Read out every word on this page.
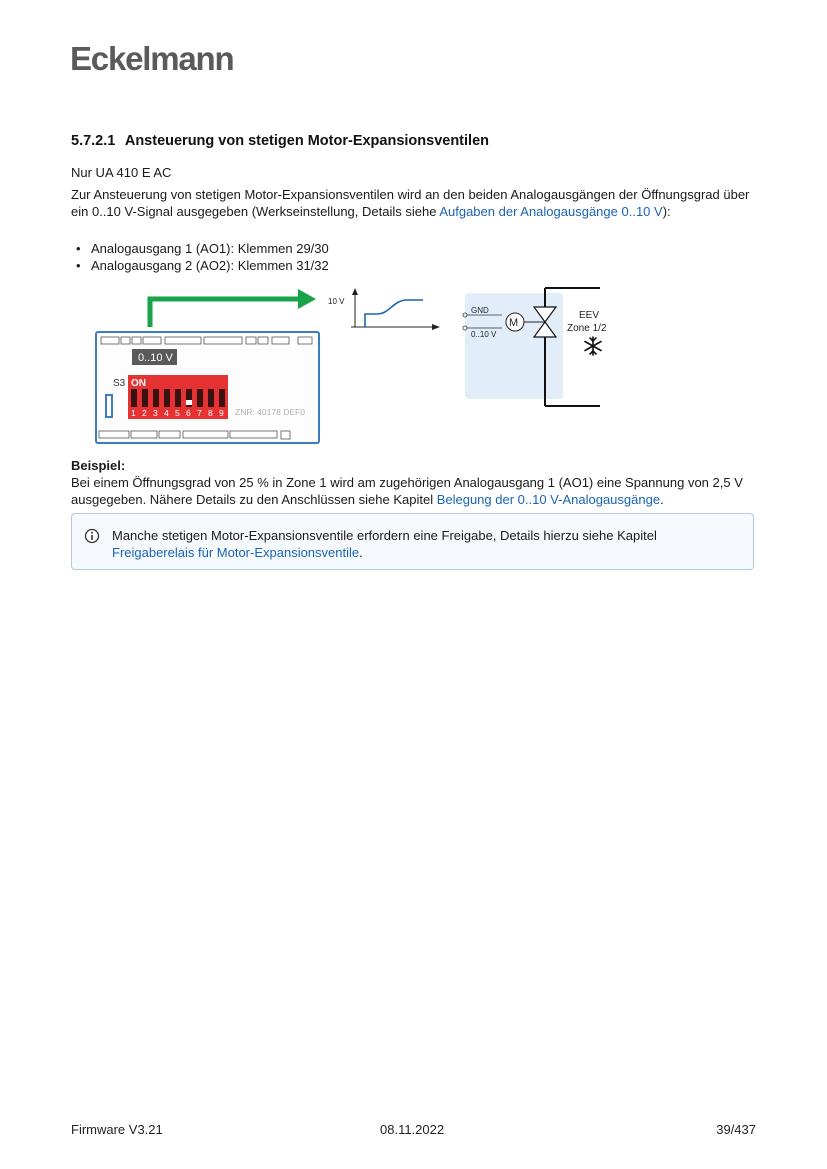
Eckelmann
5.7.2.1 Ansteuerung von stetigen Motor-Expansionsventilen
Nur UA 410 E AC
Zur Ansteuerung von stetigen Motor-Expansionsventilen wird an den beiden Analogausgängen der Öffnungsgrad über ein 0..10 V-Signal ausgegeben (Werkseinstellung, Details siehe Aufgaben der Analogausgänge 0..10 V):
• Analogausgang 1 (AO1): Klemmen 29/30
• Analogausgang 2 (AO2): Klemmen 31/32
0..10 V
S3 ON
1 2 3 4 5 6 7 8 9 ZNR: 40178 DEF0
10 V
GND
0..10 V
M
EEV
Zone 1/2
Beispiel:
Bei einem Öffnungsgrad von 25 % in Zone 1 wird am zugehörigen Analogausgang 1 (AO1) eine Spannung von 2,5 V ausgegeben. Nähere Details zu den Anschlüssen siehe Kapitel Belegung der 0..10 V-Analogausgänge.
Manche stetigen Motor-Expansionsventile erfordern eine Freigabe, Details hierzu siehe Kapitel Freigaberelais für Motor-Expansionsventile.
Firmware V3.21	08.11.2022	39/437
